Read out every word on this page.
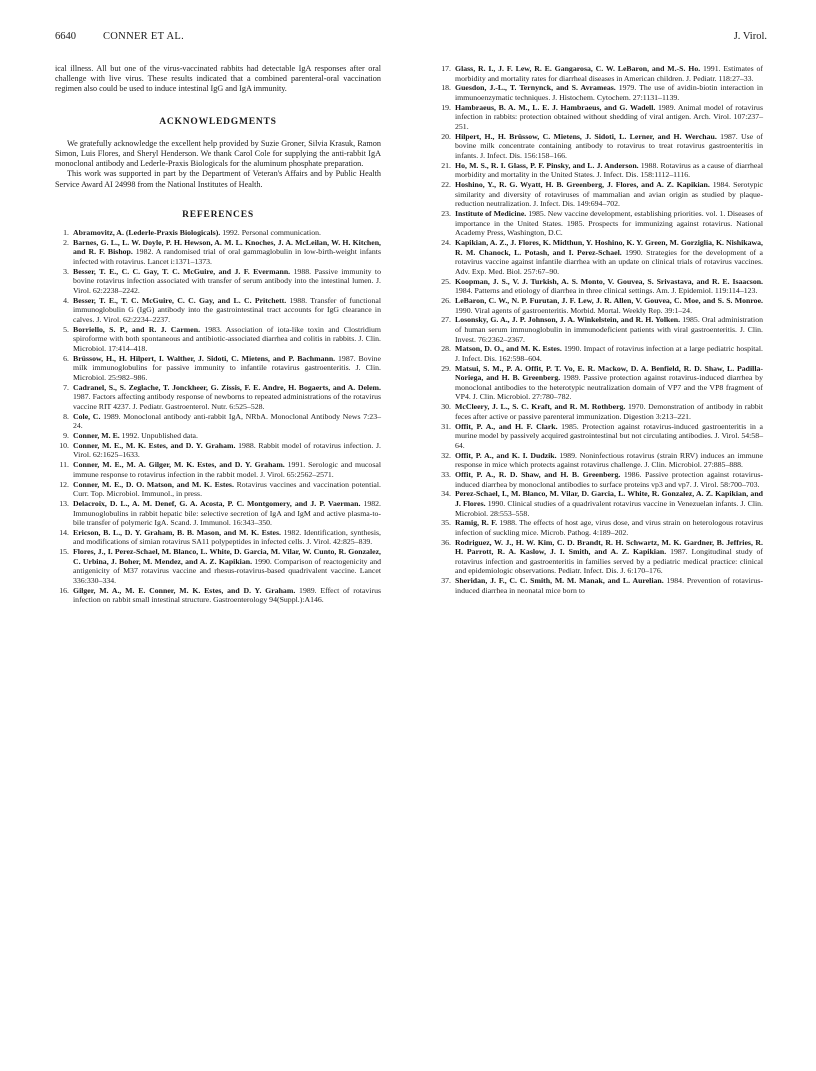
6640	CONNER ET AL.	J. Virol.

ical illness. All but one of the virus-vaccinated rabbits had detectable IgA responses after oral challenge with live virus. These results indicated that a combined parenteral-oral vaccination regimen also could be used to induce intestinal IgG and IgA immunity.

ACKNOWLEDGMENTS

We gratefully acknowledge the excellent help provided by Suzie Groner, Silvia Krasuk, Ramon Simon, Luis Flores, and Sheryl Henderson. We thank Carol Cole for supplying the anti-rabbit IgA monoclonal antibody and Lederle-Praxis Biologicals for the aluminum phosphate preparation.

This work was supported in part by the Department of Veteran's Affairs and by Public Health Service Award AI 24998 from the National Institutes of Health.

REFERENCES

1. Abramovitz, A. (Lederle-Praxis Biologicals). 1992. Personal communication.

2. Barnes, G. L., L. W. Doyle, P. H. Hewson, A. M. L. Knoches, J. A. McLeilan, W. H. Kitchen, and R. F. Bishop. 1982. A randomised trial of oral gammaglobulin in low-birth-weight infants infected with rotavirus. Lancet i:1371–1373.

3. Besser, T. E., C. C. Gay, T. C. McGuire, and J. F. Evermann. 1988. Passive immunity to bovine rotavirus infection associated with transfer of serum antibody into the intestinal lumen. J. Virol. 62:2238–2242.

4. Besser, T. E., T. C. McGuire, C. C. Gay, and L. C. Pritchett. 1988. Transfer of functional immunoglobulin G (IgG) antibody into the gastrointestinal tract accounts for IgG clearance in calves. J. Virol. 62:2234–2237.

5. Borriello, S. P., and R. J. Carmen. 1983. Association of iota-like toxin and Clostridium spiroforme with both spontaneous and antibiotic-associated diarrhea and colitis in rabbits. J. Clin. Microbiol. 17:414–418.

6. Brüssow, H., H. Hilpert, I. Walther, J. Sidoti, C. Mietens, and P. Bachmann. 1987. Bovine milk immunoglobulins for passive immunity to infantile rotavirus gastroenteritis. J. Clin. Microbiol. 25:982–986.

7. Cadranel, S., S. Zeglache, T. Jonckheer, G. Zissis, F. E. Andre, H. Bogaerts, and A. Delem. 1987. Factors affecting antibody response of newborns to repeated administrations of the rotavirus vaccine RIT 4237. J. Pediatr. Gastroenterol. Nutr. 6:525–528.

8. Cole, C. 1989. Monoclonal antibody anti-rabbit IgA, NRbA. Monoclonal Antibody News 7:23–24.

9. Conner, M. E. 1992. Unpublished data.

10. Conner, M. E., M. K. Estes, and D. Y. Graham. 1988. Rabbit model of rotavirus infection. J. Virol. 62:1625–1633.

11. Conner, M. E., M. A. Gilger, M. K. Estes, and D. Y. Graham. 1991. Serologic and mucosal immune response to rotavirus infection in the rabbit model. J. Virol. 65:2562–2571.

12. Conner, M. E., D. O. Matson, and M. K. Estes. Rotavirus vaccines and vaccination potential. Curr. Top. Microbiol. Immunol., in press.

13. Delacroix, D. L., A. M. Denef, G. A. Acosta, P. C. Montgomery, and J. P. Vaerman. 1982. Immunoglobulins in rabbit hepatic bile: selective secretion of IgA and IgM and active plasma-to-bile transfer of polymeric IgA. Scand. J. Immunol. 16:343–350.

14. Ericson, B. L., D. Y. Graham, B. B. Mason, and M. K. Estes. 1982. Identification, synthesis, and modifications of simian rotavirus SA11 polypeptides in infected cells. J. Virol. 42:825–839.

15. Flores, J., I. Perez-Schael, M. Blanco, L. White, D. Garcia, M. Vilar, W. Cunto, R. Gonzalez, C. Urbina, J. Boher, M. Mendez, and A. Z. Kapikian. 1990. Comparison of reactogenicity and antigenicity of M37 rotavirus vaccine and rhesus-rotavirus-based quadrivalent vaccine. Lancet 336:330–334.

16. Gilger, M. A., M. E. Conner, M. K. Estes, and D. Y. Graham. 1989. Effect of rotavirus infection on rabbit small intestinal structure. Gastroenterology 94(Suppl.):A146.

17. Glass, R. I., J. F. Lew, R. E. Gangarosa, C. W. LeBaron, and M.-S. Ho. 1991. Estimates of morbidity and mortality rates for diarrheal diseases in American children. J. Pediatr. 118:27–33.

18. Guesdon, J.-L., T. Ternynck, and S. Avrameas. 1979. The use of avidin-biotin interaction in immunoenzymatic techniques. J. Histochem. Cytochem. 27:1131–1139.

19. Hambraeus, B. A. M., L. E. J. Hambraeus, and G. Wadell. 1989. Animal model of rotavirus infection in rabbits: protection obtained without shedding of viral antigen. Arch. Virol. 107:237–251.

20. Hilpert, H., H. Brüssow, C. Mietens, J. Sidoti, L. Lerner, and H. Werchau. 1987. Use of bovine milk concentrate containing antibody to rotavirus to treat rotavirus gastroenteritis in infants. J. Infect. Dis. 156:158–166.

21. Ho, M. S., R. I. Glass, P. F. Pinsky, and L. J. Anderson. 1988. Rotavirus as a cause of diarrheal morbidity and mortality in the United States. J. Infect. Dis. 158:1112–1116.

22. Hoshino, Y., R. G. Wyatt, H. B. Greenberg, J. Flores, and A. Z. Kapikian. 1984. Serotypic similarity and diversity of rotaviruses of mammalian and avian origin as studied by plaque-reduction neutralization. J. Infect. Dis. 149:694–702.

23. Institute of Medicine. 1985. New vaccine development, establishing priorities. vol. 1. Diseases of importance in the United States. 1985. Prospects for immunizing against rotavirus. National Academy Press, Washington, D.C.

24. Kapikian, A. Z., J. Flores, K. Midthun, Y. Hoshino, K. Y. Green, M. Gorziglia, K. Nishikawa, R. M. Chanock, L. Potash, and I. Perez-Schael. 1990. Strategies for the development of a rotavirus vaccine against infantile diarrhea with an update on clinical trials of rotavirus vaccines. Adv. Exp. Med. Biol. 257:67–90.

25. Koopman, J. S., V. J. Turkish, A. S. Monto, V. Gouvea, S. Srivastava, and R. E. Isaacson. 1984. Patterns and etiology of diarrhea in three clinical settings. Am. J. Epidemiol. 119:114–123.

26. LeBaron, C. W., N. P. Furutan, J. F. Lew, J. R. Allen, V. Gouvea, C. Moe, and S. S. Monroe. 1990. Viral agents of gastroenteritis. Morbid. Mortal. Weekly Rep. 39:1–24.

27. Losonsky, G. A., J. P. Johnson, J. A. Winkelstein, and R. H. Yolken. 1985. Oral administration of human serum immunoglobulin in immunodeficient patients with viral gastroenteritis. J. Clin. Invest. 76:2362–2367.

28. Matson, D. O., and M. K. Estes. 1990. Impact of rotavirus infection at a large pediatric hospital. J. Infect. Dis. 162:598–604.

29. Matsui, S. M., P. A. Offit, P. T. Vo, E. R. Mackow, D. A. Benfield, R. D. Shaw, L. Padilla-Noriega, and H. B. Greenberg. 1989. Passive protection against rotavirus-induced diarrhea by monoclonal antibodies to the heterotypic neutralization domain of VP7 and the VP8 fragment of VP4. J. Clin. Microbiol. 27:780–782.

30. McCleery, J. L., S. C. Kraft, and R. M. Rothberg. 1970. Demonstration of antibody in rabbit feces after active or passive parenteral immunization. Digestion 3:213–221.

31. Offit, P. A., and H. F. Clark. 1985. Protection against rotavirus-induced gastroenteritis in a murine model by passively acquired gastrointestinal but not circulating antibodies. J. Virol. 54:58–64.

32. Offit, P. A., and K. I. Dudzik. 1989. Noninfectious rotavirus (strain RRV) induces an immune response in mice which protects against rotavirus challenge. J. Clin. Microbiol. 27:885–888.

33. Offit, P. A., R. D. Shaw, and H. B. Greenberg. 1986. Passive protection against rotavirus-induced diarrhea by monoclonal antibodies to surface proteins vp3 and vp7. J. Virol. 58:700–703.

34. Perez-Schael, I., M. Blanco, M. Vilar, D. Garcia, L. White, R. Gonzalez, A. Z. Kapikian, and J. Flores. 1990. Clinical studies of a quadrivalent rotavirus vaccine in Venezuelan infants. J. Clin. Microbiol. 28:553–558.

35. Ramig, R. F. 1988. The effects of host age, virus dose, and virus strain on heterologous rotavirus infection of suckling mice. Microb. Pathog. 4:189–202.

36. Rodriguez, W. J., H. W. Kim, C. D. Brandt, R. H. Schwartz, M. K. Gardner, B. Jeffries, R. H. Parrott, R. A. Kaslow, J. I. Smith, and A. Z. Kapikian. 1987. Longitudinal study of rotavirus infection and gastroenteritis in families served by a pediatric medical practice: clinical and epidemiologic observations. Pediatr. Infect. Dis. J. 6:170–176.

37. Sheridan, J. F., C. C. Smith, M. M. Manak, and L. Aurelian. 1984. Prevention of rotavirus-induced diarrhea in neonatal mice born to
